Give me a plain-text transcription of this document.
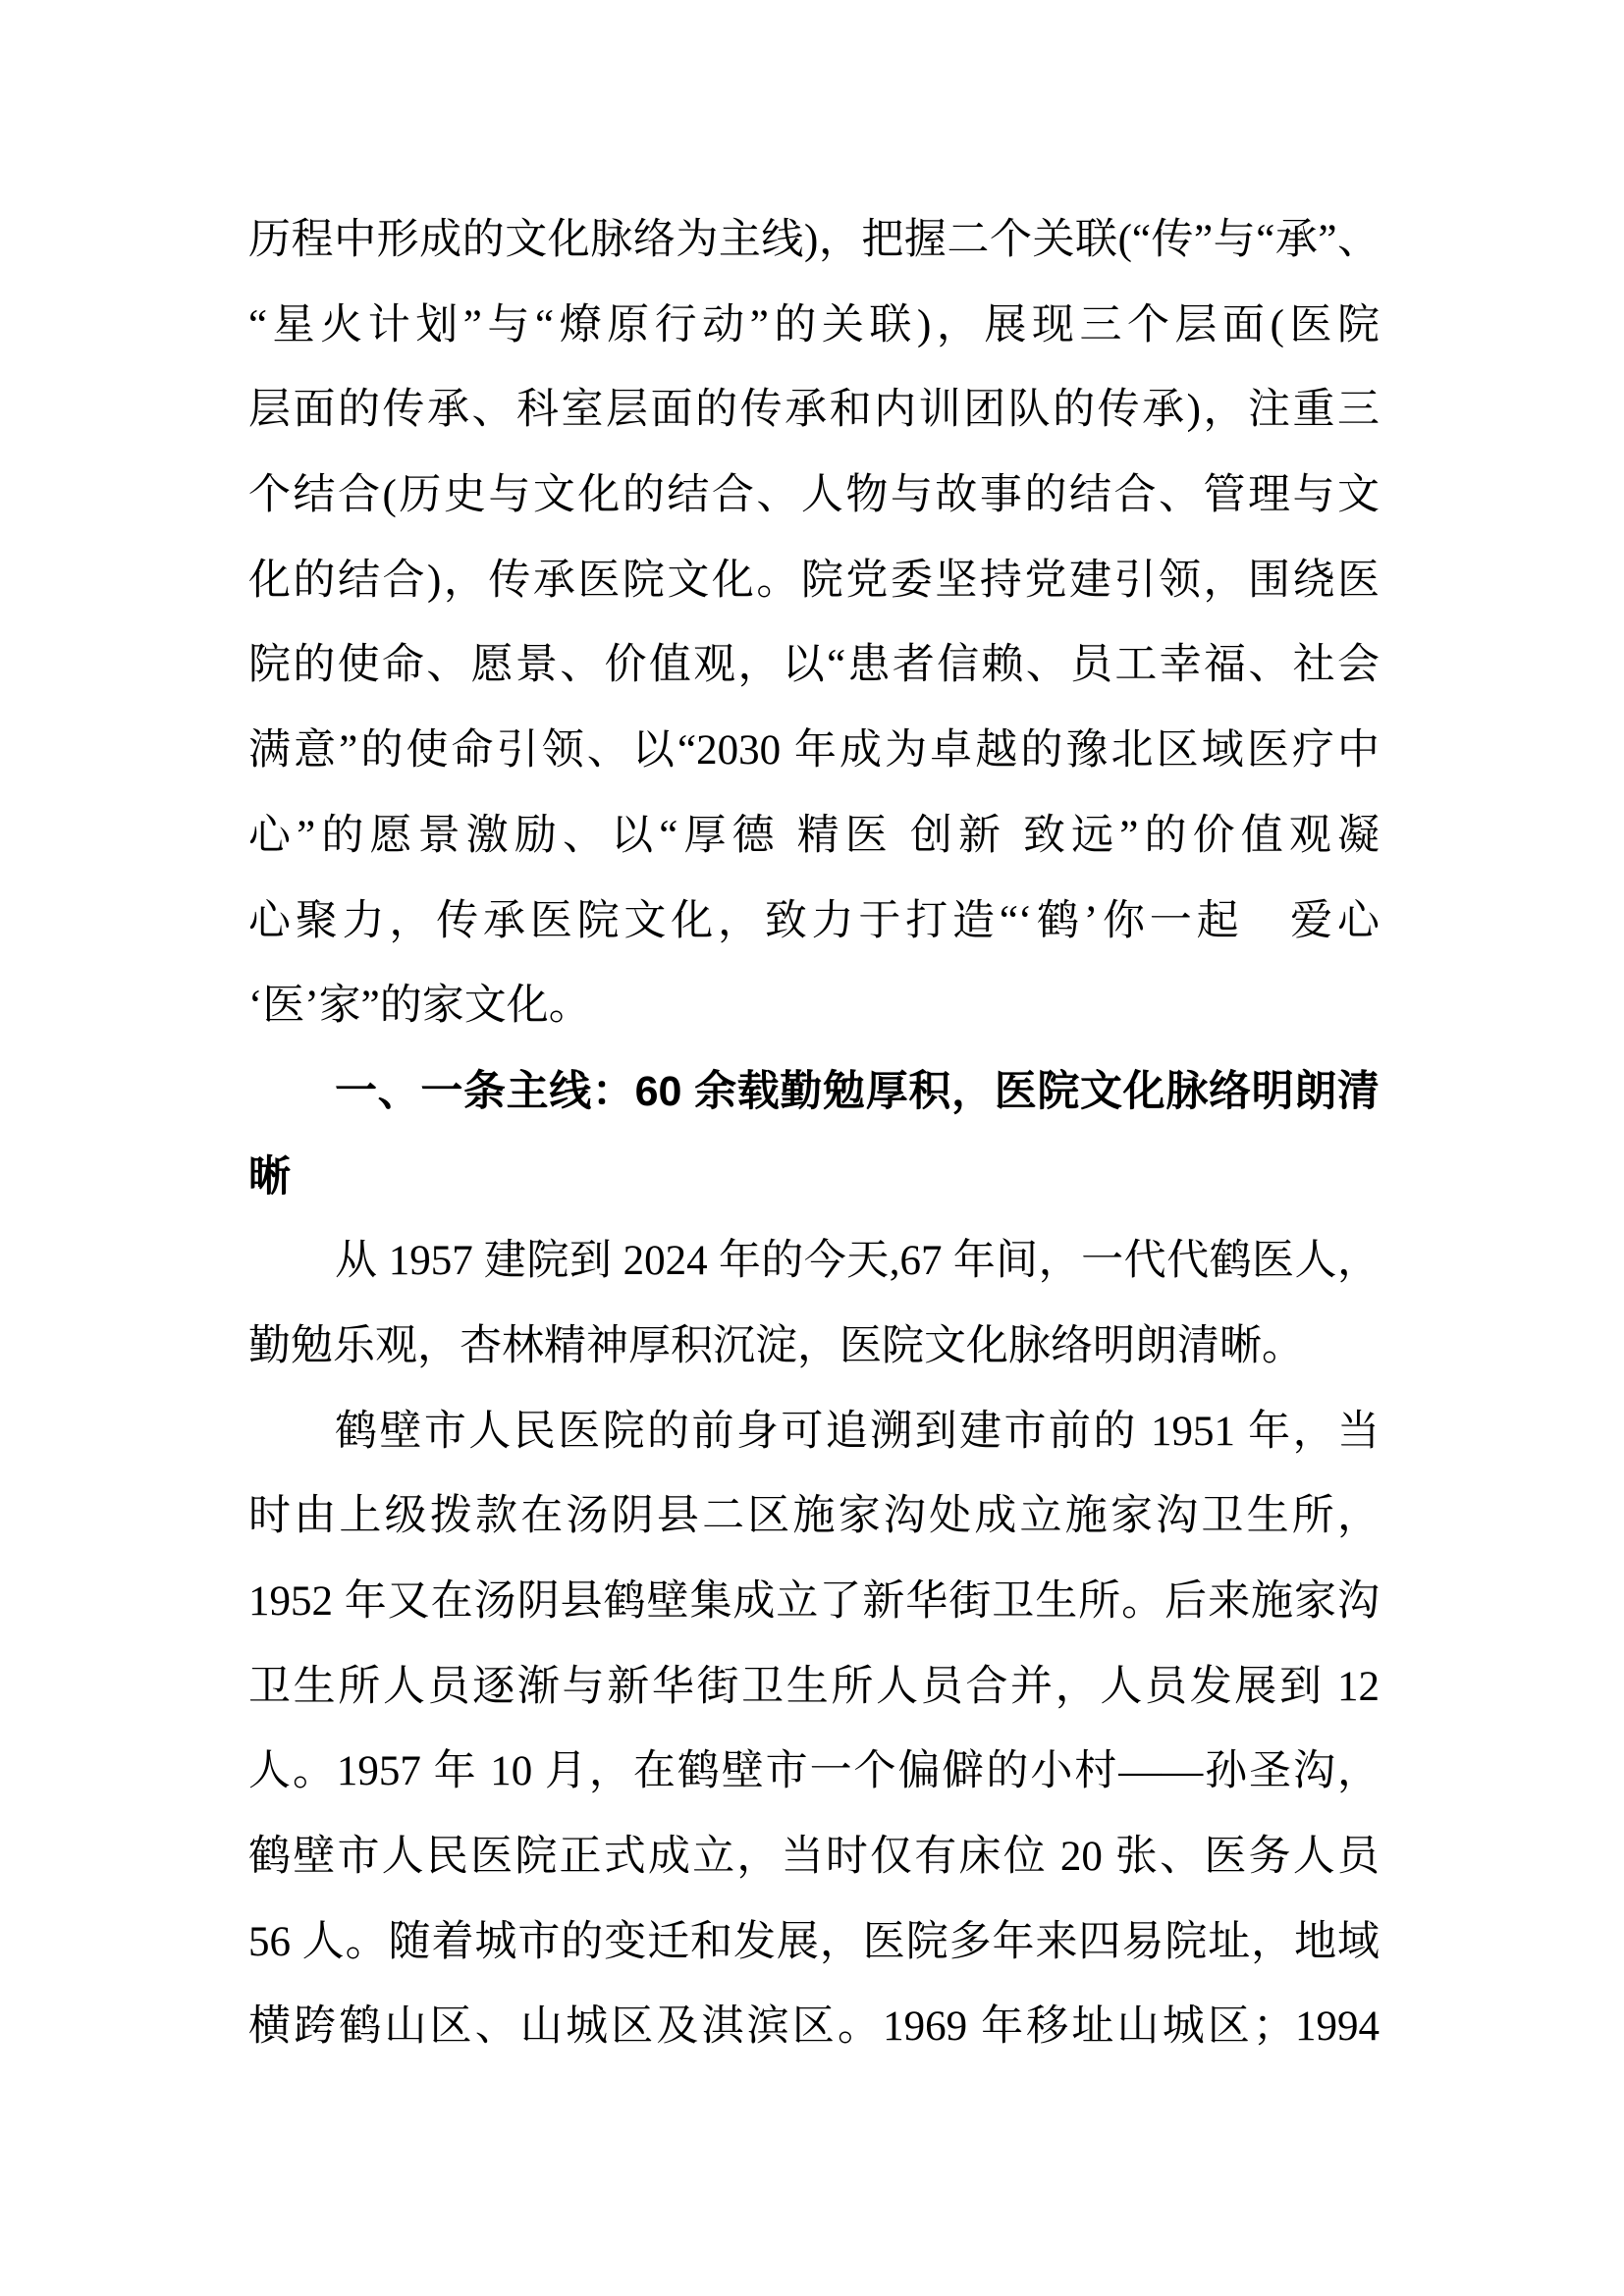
历程中形成的文化脉络为主线)，把握二个关联(“传”与“承”、
“星火计划”与“燎原行动”的关联)，展现三个层面(医院
层面的传承、科室层面的传承和内训团队的传承)，注重三
个结合(历史与文化的结合、人物与故事的结合、管理与文
化的结合)，传承医院文化。院党委坚持党建引领，围绕医
院的使命、愿景、价值观，以“患者信赖、员工幸福、社会
满意”的使命引领、以“2030 年成为卓越的豫北区域医疗中
心”的愿景激励、以“厚德 精医 创新 致远”的价值观凝
心聚力，传承医院文化，致力于打造“‘鹤’你一起　爱心
‘医’家”的家文化。
一、一条主线：60 余载勤勉厚积，医院文化脉络明朗清
晰
从 1957 建院到 2024 年的今天,67 年间，一代代鹤医人，
勤勉乐观，杏林精神厚积沉淀，医院文化脉络明朗清晰。
鹤壁市人民医院的前身可追溯到建市前的 1951 年，当
时由上级拨款在汤阴县二区施家沟处成立施家沟卫生所，
1952 年又在汤阴县鹤壁集成立了新华街卫生所。后来施家沟
卫生所人员逐渐与新华街卫生所人员合并，人员发展到 12
人。1957 年 10 月，在鹤壁市一个偏僻的小村——孙圣沟，
鹤壁市人民医院正式成立，当时仅有床位 20 张、医务人员
56 人。随着城市的变迁和发展，医院多年来四易院址，地域
横跨鹤山区、山城区及淇滨区。1969 年移址山城区；1994
